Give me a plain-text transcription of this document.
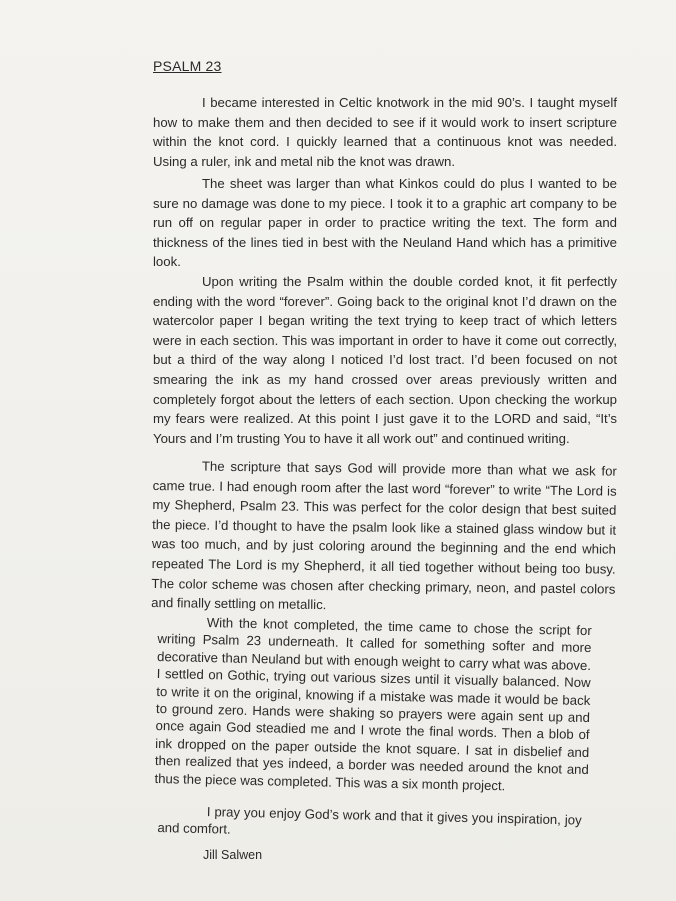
PSALM 23

I became interested in Celtic knotwork in the mid 90’s. I taught myself how to make them and then decided to see if it would work to insert scripture within the knot cord. I quickly learned that a continuous knot was needed. Using a ruler, ink and metal nib the knot was drawn.

The sheet was larger than what Kinkos could do plus I wanted to be sure no damage was done to my piece. I took it to a graphic art company to be run off on regular paper in order to practice writing the text. The form and thickness of the lines tied in best with the Neuland Hand which has a primitive look.

Upon writing the Psalm within the double corded knot, it fit perfectly ending with the word “forever”. Going back to the original knot I’d drawn on the watercolor paper I began writing the text trying to keep tract of which letters were in each section. This was important in order to have it come out correctly, but a third of the way along I noticed I’d lost tract. I’d been focused on not smearing the ink as my hand crossed over areas previously written and completely forgot about the letters of each section. Upon checking the workup my fears were realized. At this point I just gave it to the LORD and said, “It’s Yours and I’m trusting You to have it all work out” and continued writing.

The scripture that says God will provide more than what we ask for came true. I had enough room after the last word “forever” to write “The Lord is my Shepherd, Psalm 23. This was perfect for the color design that best suited the piece. I’d thought to have the psalm look like a stained glass window but it was too much, and by just coloring around the beginning and the end which repeated The Lord is my Shepherd, it all tied together without being too busy. The color scheme was chosen after checking primary, neon, and pastel colors and finally settling on metallic.

With the knot completed, the time came to chose the script for writing Psalm 23 underneath. It called for something softer and more decorative than Neuland but with enough weight to carry what was above. I settled on Gothic, trying out various sizes until it visually balanced. Now to write it on the original, knowing if a mistake was made it would be back to ground zero. Hands were shaking so prayers were again sent up and once again God steadied me and I wrote the final words. Then a blob of ink dropped on the paper outside the knot square. I sat in disbelief and then realized that yes indeed, a border was needed around the knot and thus the piece was completed. This was a six month project.

I pray you enjoy God’s work and that it gives you inspiration, joy and comfort.

Jill Salwen
